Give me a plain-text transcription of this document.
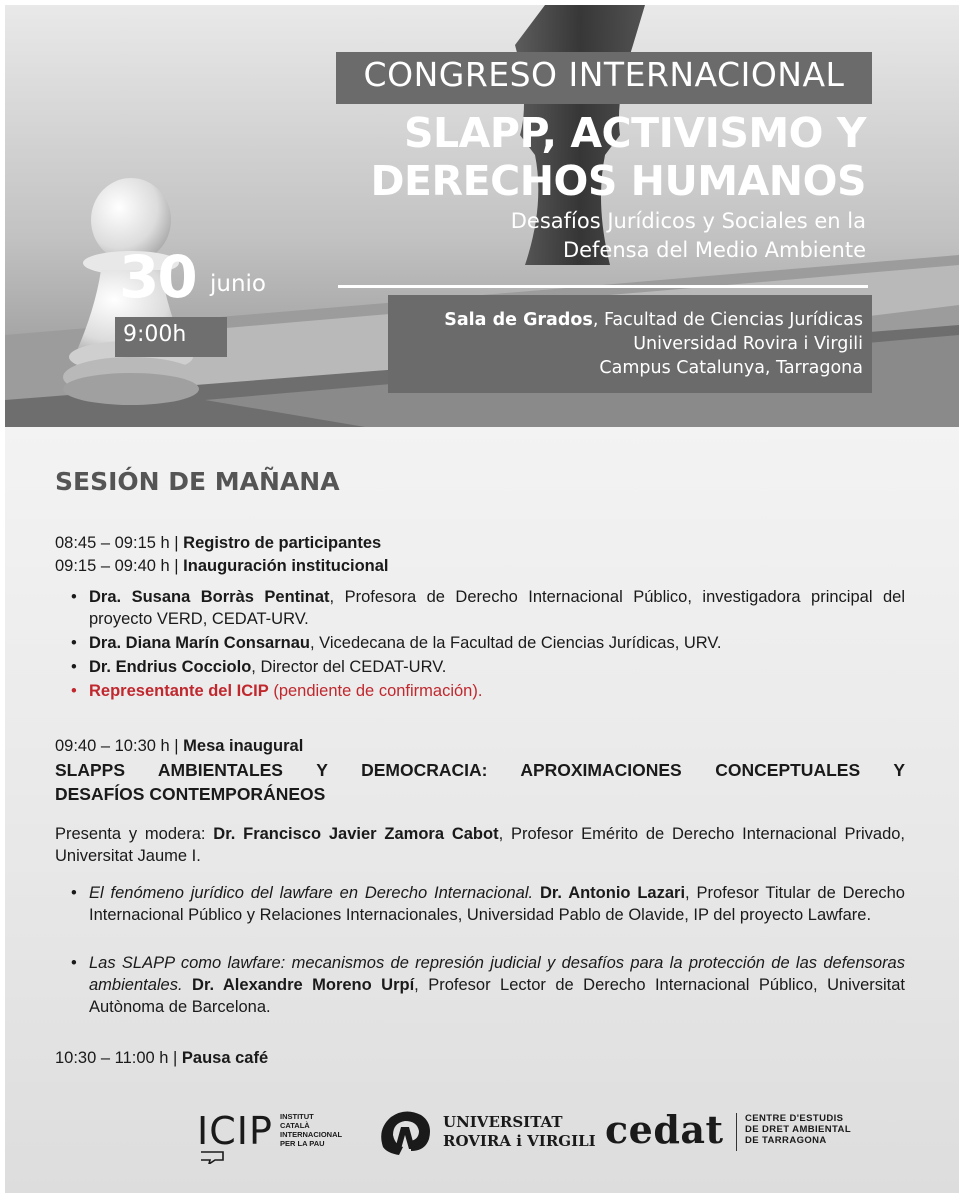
CONGRESO INTERNACIONAL
SLAPP, ACTIVISMO Y
DERECHOS HUMANOS
Desafíos Jurídicos y Sociales en la
Defensa del Medio Ambiente
30 junio
9:00h
Sala de Grados, Facultad de Ciencias Jurídicas
Universidad Rovira i Virgili
Campus Catalunya, Tarragona
SESIÓN DE MAÑANA
08:45 – 09:15 h | Registro de participantes
09:15 – 09:40 h | Inauguración institucional
• Dra. Susana Borràs Pentinat, Profesora de Derecho Internacional Público, investigadora principal del proyecto VERD, CEDAT-URV.
• Dra. Diana Marín Consarnau, Vicedecana de la Facultad de Ciencias Jurídicas, URV.
• Dr. Endrius Cocciolo, Director del CEDAT-URV.
• Representante del ICIP (pendiente de confirmación).
09:40 – 10:30 h | Mesa inaugural
SLAPPS AMBIENTALES Y DEMOCRACIA: APROXIMACIONES CONCEPTUALES Y
DESAFÍOS CONTEMPORÁNEOS
Presenta y modera: Dr. Francisco Javier Zamora Cabot, Profesor Emérito de Derecho Internacional Privado, Universitat Jaume I.
• El fenómeno jurídico del lawfare en Derecho Internacional. Dr. Antonio Lazari, Profesor Titular de Derecho Internacional Público y Relaciones Internacionales, Universidad Pablo de Olavide, IP del proyecto Lawfare.
• Las SLAPP como lawfare: mecanismos de represión judicial y desafíos para la protección de las defensoras ambientales. Dr. Alexandre Moreno Urpí, Profesor Lector de Derecho Internacional Público, Universitat Autònoma de Barcelona.
10:30 – 11:00 h | Pausa café
ICIP INSTITUT
CATALÀ
INTERNACIONAL
PER LA PAU
UNIVERSITAT
ROVIRA i VIRGILI cedat CENTRE D'ESTUDIS
DE DRET AMBIENTAL
DE TARRAGONA
